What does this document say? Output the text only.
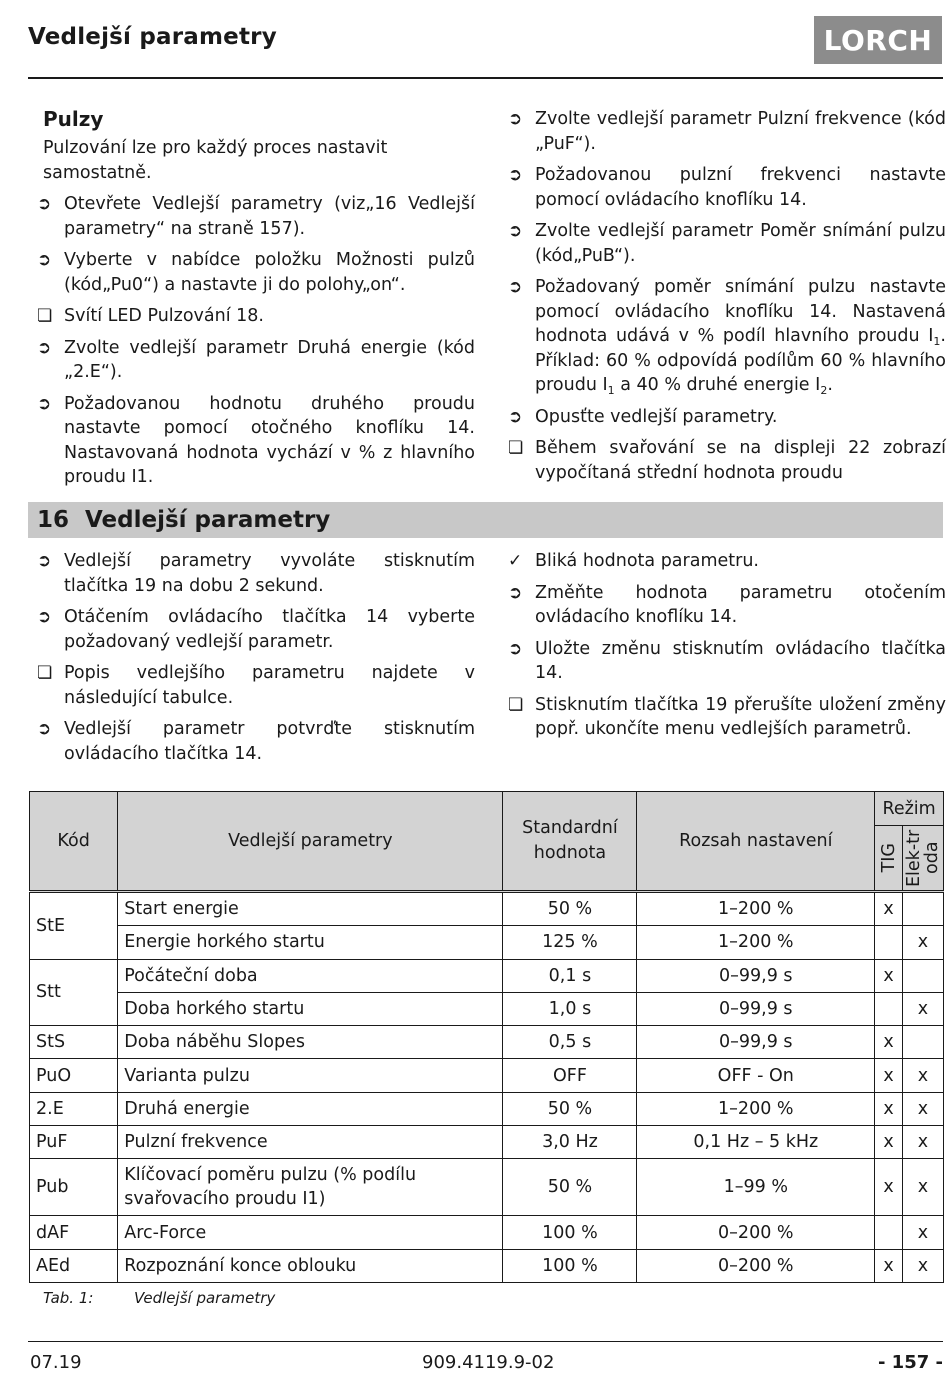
Vedlejší parametry	LORCH

Pulzy

Pulzování lze pro každý proces nastavit samostatně.

➲ Otevřete Vedlejší parametry (viz„16 Vedlejší parametry“ na straně 157).
➲ Vyberte v nabídce položku Možnosti pulzů (kód„Pu0“) a nastavte ji do polohy„on“.
❏ Svítí LED Pulzování 18.
➲ Zvolte vedlejší parametr Druhá energie (kód „2.E“).
➲ Požadovanou hodnotu druhého proudu nastavte pomocí otočného knoflíku 14. Nastavovaná hodnota vychází v % z hlavního proudu I1.
➲ Zvolte vedlejší parametr Pulzní frekvence (kód „PuF“).
➲ Požadovanou pulzní frekvenci nastavte pomocí ovládacího knoflíku 14.
➲ Zvolte vedlejší parametr Poměr snímání pulzu (kód„PuB“).
➲ Požadovaný poměr snímání pulzu nastavte pomocí ovládacího knoflíku 14. Nastavená hodnota udává v % podíl hlavního proudu $I_1$. Příklad: 60 % odpovídá podílům 60 % hlavního proudu $I_1$ a 40 % druhé energie $I_2$.
➲ Opusťte vedlejší parametry.
❏ Během svařování se na displeji 22 zobrazí vypočítaná střední hodnota proudu
16 Vedlejší parametry
➲ Vedlejší parametry vyvoláte stisknutím tlačítka 19 na dobu 2 sekund.
➲ Otáčením ovládacího tlačítka 14 vyberte požadovaný vedlejší parametr.
❏ Popis vedlejšího parametru najdete v následující tabulce.
➲ Vedlejší parametr potvrďte stisknutím ovládacího tlačítka 14.
✓ Bliká hodnota parametru.
➲ Změňte hodnota parametru otočením ovládacího knoflíku 14.
➲ Uložte změnu stisknutím ovládacího tlačítka 14.
❏ Stisknutím tlačítka 19 přerušíte uložení změny popř. ukončíte menu vedlejších parametrů.
Kód	Vedlejší parametry	Standardní hodnota	Rozsah nastavení	Režim	

				TIG	Elek-troda

StE	Start energie	50 %	1–200 %	x	
	Energie horkého startu	125 %	1–200 %		x
Stt	Počáteční doba	0,1 s	0–99,9 s	x	
	Doba horkého startu	1,0 s	0–99,9 s		x
StS	Doba náběhu Slopes	0,5 s	0–99,9 s	x	
PuO	Varianta pulzu	OFF	OFF - On	x	x
2.E	Druhá energie	50 %	1–200 %	x	x
PuF	Pulzní frekvence	3,0 Hz	0,1 Hz – 5 kHz	x	x
Pub	Klíčovací poměru pulzu (% podílu svařovacího proudu I1)	50 %	1–99 %	x	x
dAF	Arc-Force	100 %	0–200 %		x
AEd	Rozpoznání konce oblouku	100 %	0–200 %	x	x
Tab. 1:	Vedlejší parametry
07.19	909.4119.9-02	- 157 -
